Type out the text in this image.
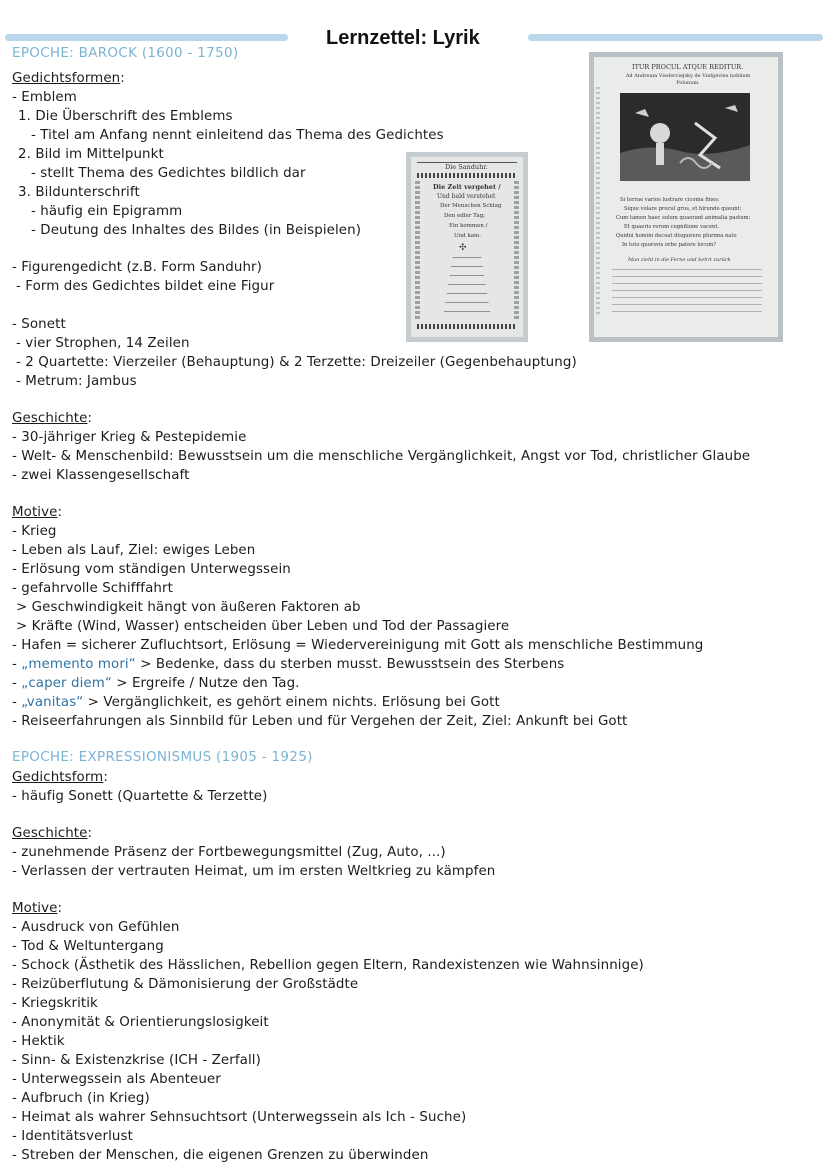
Lernzettel: Lyrik
EPOCHE: BAROCK (1600 - 1750)
Gedichtsformen:
- Emblem
1. Die Überschrift des Emblems
- Titel am Anfang nennt einleitend das Thema des Gedichtes
2. Bild im Mittelpunkt
- stellt Thema des Gedichtes bildlich dar
3. Bildunterschrift
- häufig ein Epigramm
- Deutung des Inhaltes des Bildes (in Beispielen)
- Figurengedicht (z.B. Form Sanduhr)
- Form des Gedichtes bildet eine Figur
- Sonett
- vier Strophen, 14 Zeilen
- 2 Quartette: Vierzeiler (Behauptung) & 2 Terzette: Dreizeiler (Gegenbehauptung)
- Metrum: Jambus
Geschichte:
- 30-jähriger Krieg & Pestepidemie
- Welt- & Menschenbild: Bewusstsein um die menschliche Vergänglichkeit, Angst vor Tod, christlicher Glaube
- zwei Klassengesellschaft
Motive:
- Krieg
- Leben als Lauf, Ziel: ewiges Leben
- Erlösung vom ständigen Unterwegssein
- gefahrvolle Schifffahrt
> Geschwindigkeit hängt von äußeren Faktoren ab
> Kräfte (Wind, Wasser) entscheiden über Leben und Tod der Passagiere
- Hafen = sicherer Zufluchtsort, Erlösung = Wiedervereinigung mit Gott als menschliche Bestimmung
- „memento mori“ > Bedenke, dass du sterben musst. Bewusstsein des Sterbens
- „caper diem“ > Ergreife / Nutze den Tag.
- „vanitas“ > Vergänglichkeit, es gehört einem nichts. Erlösung bei Gott
- Reiseerfahrungen als Sinnbild für Leben und für Vergehen der Zeit, Ziel: Ankunft bei Gott
EPOCHE: EXPRESSIONISMUS (1905 - 1925)
Gedichtsform:
- häufig Sonett (Quartette & Terzette)
Geschichte:
- zunehmende Präsenz der Fortbewegungsmittel (Zug, Auto, ...)
- Verlassen der vertrauten Heimat, um im ersten Weltkrieg zu kämpfen
Motive:
- Ausdruck von Gefühlen
- Tod & Weltuntergang
- Schock (Ästhetik des Hässlichen, Rebellion gegen Eltern, Randexistenzen wie Wahnsinnige)
- Reizüberflutung & Dämonisierung der Großstädte
- Kriegskritik
- Anonymität & Orientierungslosigkeit
- Hektik
- Sinn- & Existenzkrise (ICH - Zerfall)
- Unterwegssein als Abenteuer
- Aufbruch (in Krieg)
- Heimat als wahrer Sehnsuchtsort (Unterwegssein als Ich - Suche)
- Identitätsverlust
- Streben der Menschen, die eigenen Grenzen zu überwinden
Die Sanduhr.
Die Zeit vergehet /
Und bald verstehet
Der Menschen Schlag
Den edler Tag;
Ein kommen /
Und kam.
✣
ITUR PROCUL ATQUE REDITUR.
Ad Andream Viederviejsky de Viefgevies nobilem Polonum.
Si terrae varios lustrare ciconia fines:
Sique volare procul grus, et hirundo queunt:
Cum tamen haec solum quaerant animalia pastum:
Et quaeris rerum cognitione vacent.
Quidni homini deceat disquirere plurima nato
In toto quorsvis orbe patere locum?
Man zieht in die Ferne und kehrt zurück
